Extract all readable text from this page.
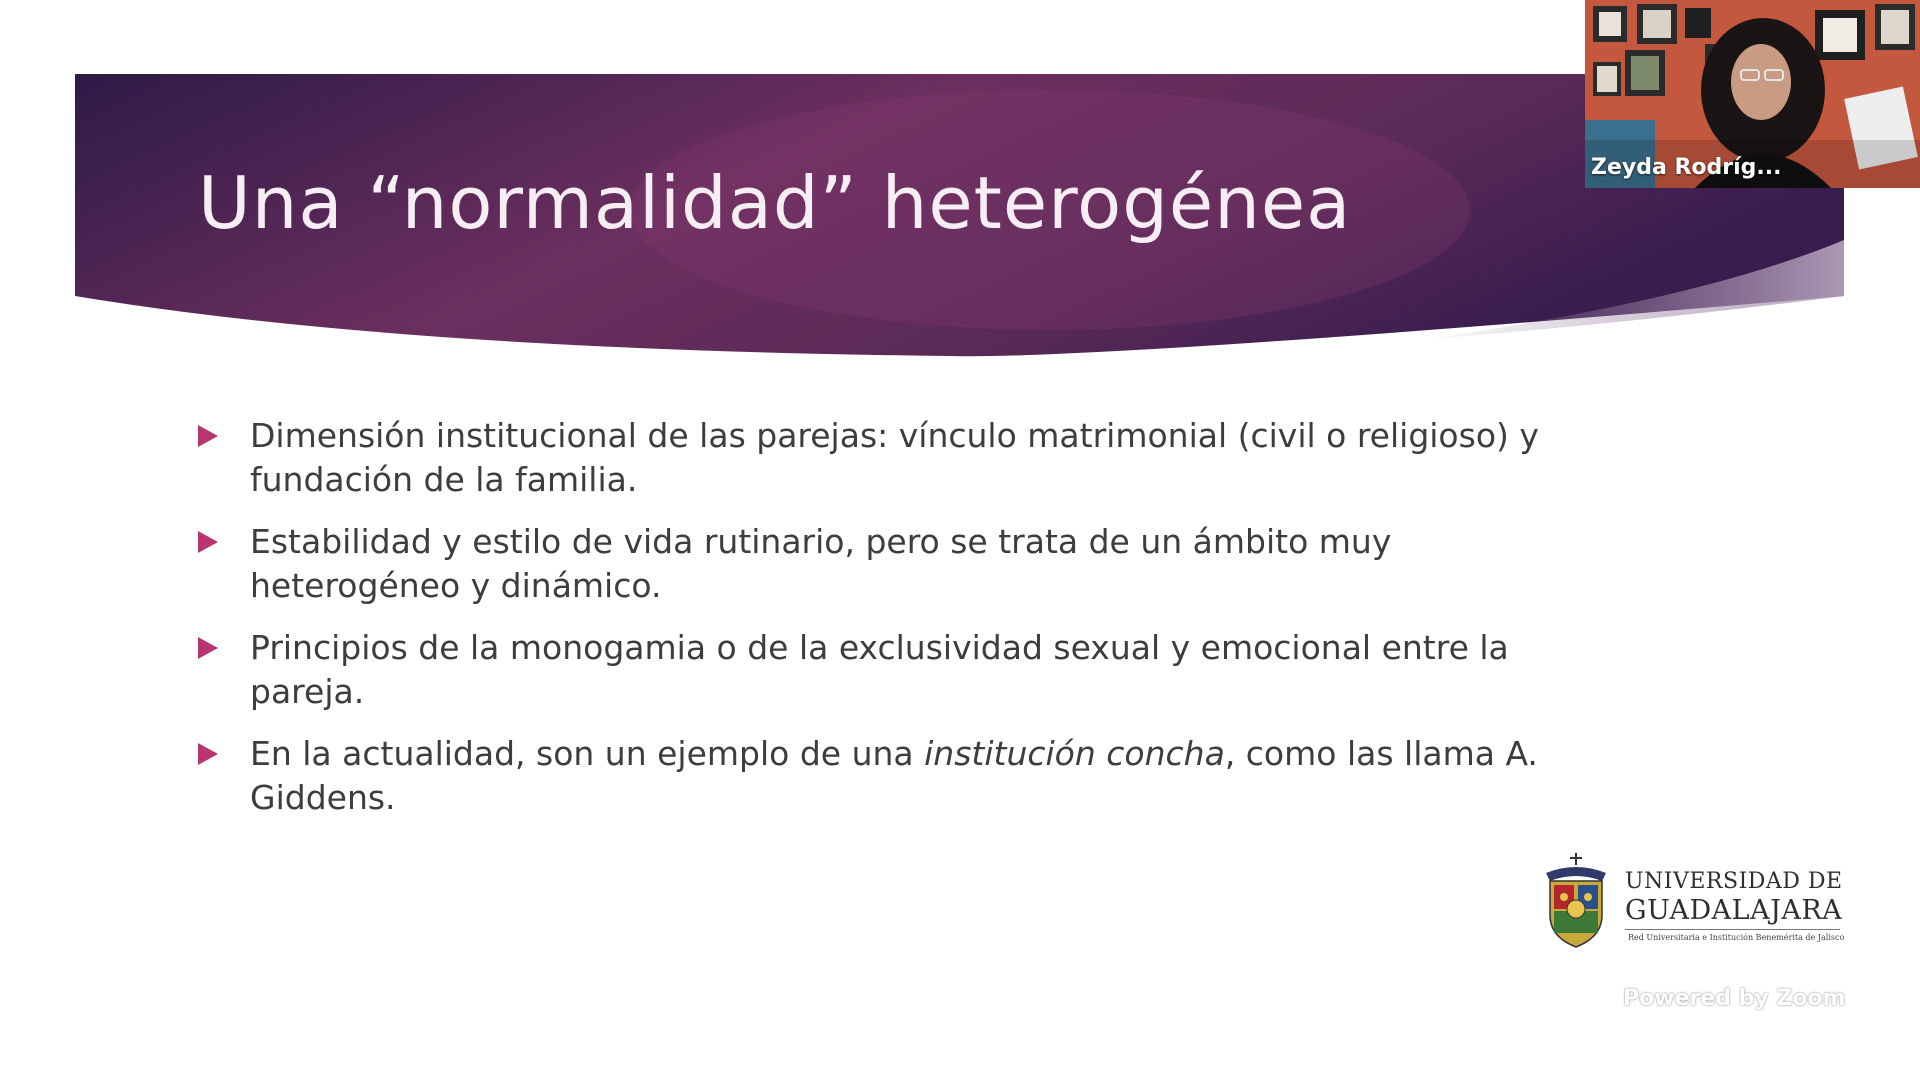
Una “normalidad” heterogénea
Dimensión institucional de las parejas: vínculo matrimonial (civil o religioso) y fundación de la familia.
Estabilidad y estilo de vida rutinario, pero se trata de un ámbito muy heterogéneo y dinámico.
Principios de la monogamia o de la exclusividad sexual y emocional entre la pareja.
En la actualidad, son un ejemplo de una institución concha, como las llama A. Giddens.
Zeyda Rodríg...
UNIVERSIDAD DE
GUADALAJARA
Red Universitaria e Institución Benemérita de Jalisco
Powered by Zoom
